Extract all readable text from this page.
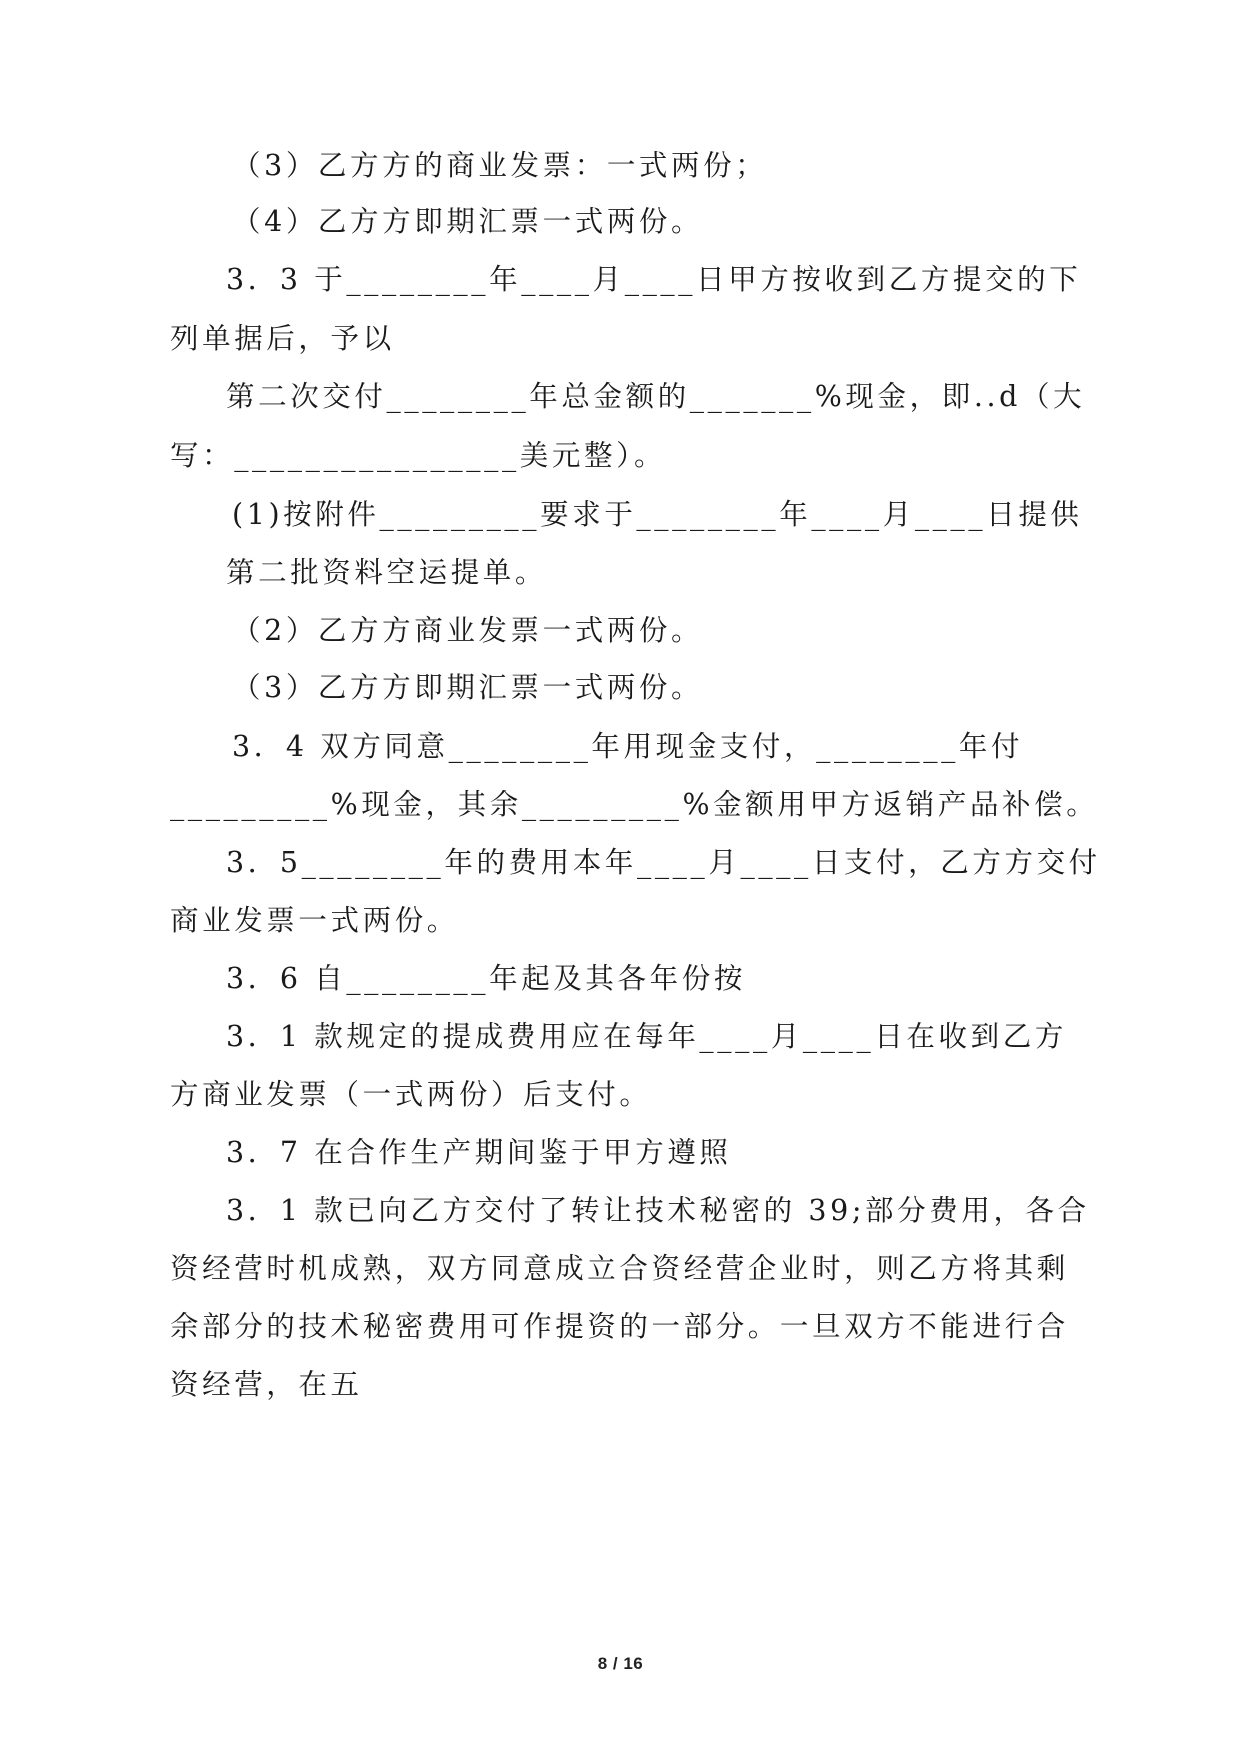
（3）乙方方的商业发票：一式两份；
（4）乙方方即期汇票一式两份。
3．3 于________年____月____日甲方按收到乙方提交的下
列单据后，予以
第二次交付________年总金额的_______%现金，即..d（大
写：________________美元整）。
(1)按附件_________要求于________年____月____日提供
第二批资料空运提单。
（2）乙方方商业发票一式两份。
（3）乙方方即期汇票一式两份。
3．4 双方同意________年用现金支付，________年付
_________%现金，其余_________%金额用甲方返销产品补偿。
3．5________年的费用本年____月____日支付，乙方方交付
商业发票一式两份。
3．6 自________年起及其各年份按
3．1 款规定的提成费用应在每年____月____日在收到乙方
方商业发票（一式两份）后支付。
3．7 在合作生产期间鉴于甲方遵照
3．1 款已向乙方交付了转让技术秘密的 39;部分费用，各合
资经营时机成熟，双方同意成立合资经营企业时，则乙方将其剩
余部分的技术秘密费用可作提资的一部分。一旦双方不能进行合
资经营，在五
8 / 16
